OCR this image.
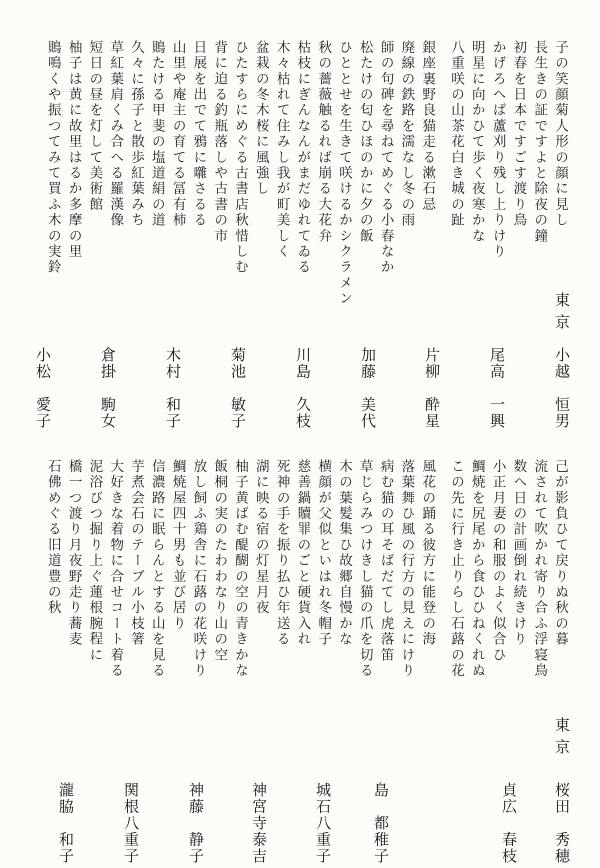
子の笑顔菊人形の顔に見し
長生きの証ですよと除夜の鐘
初春を日本ですごす渡り鳥
かげろへば蘆刈り残し上りけり
明星に向かひて歩く夜寒かな
八重咲の山茶花白き城の趾
銀座裏野良猫走る漱石忌
廃線の鉄路を濡なし冬の雨
師の句碑を尋ねてめぐる小春なか
松たけの匂ひほのかに夕の飯
ひととせを生きて咲けるかシクラメン
秋の薔薇触るれば崩る大花弁
枯枝にぎんなんがまだゆれてゐる
木々枯れて住みし我が町美しく
盆栽の冬木桜に風強し
ひたすらにめぐる古書店秋惜しむ
背に迫る釣瓶落しや古書の市
日展を出でて鴉に囃さるる
山里や庵主の育てる冨有柿
鵙たける甲斐の塩道絹の道
久々に孫子と散歩紅葉みち
草紅葉肩くみ合へる羅漢像
短日の昼を灯して美術館
柚子は黄に故里はるか多摩の里
鵙鳴くや振つてみて買ふ木の実鈴
東京
小越　恒男
尾高　一興
片柳　酔星
加藤　美代
川島　久枝
菊池　敏子
木村　和子
倉掛　駒女
小松　愛子
己が影負ひて戻りぬ秋の暮
流されて吹かれ寄り合ふ浮寝鳥
数へ日の計画倒れ続きけり
小正月妻の和服のよく似合ひ
鯛焼を尻尾から食ひひねくれぬ
この先に行き止りらし石蕗の花
風花の踊る彼方に能登の海
落葉舞ひ風の行方の見えにけり
病む猫の耳そばだてし虎落笛
草じらみつけきし猫の爪を切る
木の葉髪集ひ故郷自慢かな
横顔が父似といはれ冬帽子
慈善鍋贖罪のごと硬貨入れ
死神の手を振り払ひ年送る
湖に映る宿の灯星月夜
柚子黄ばむ醍醐の空の青きかな
飯桐の実のたわわなり山の空
放し飼ふ鶏舎に石蕗の花咲けり
鯛焼屋四十男も並び居り
信濃路に眠らんとする山を見る
芋煮会石のテーブル小枝箸
大好きな着物に合せコート着る
泥浴びつ掘り上ぐ蓮根腕程に
橋一つ渡り月夜野走り蕎麦
石佛めぐる旧道豊の秋
東京
桜田　秀穂
貞広　春枝
島　都稚子
城石八重子
神宮寺泰吉
神藤　静子
関根八重子
瀧脇　和子
